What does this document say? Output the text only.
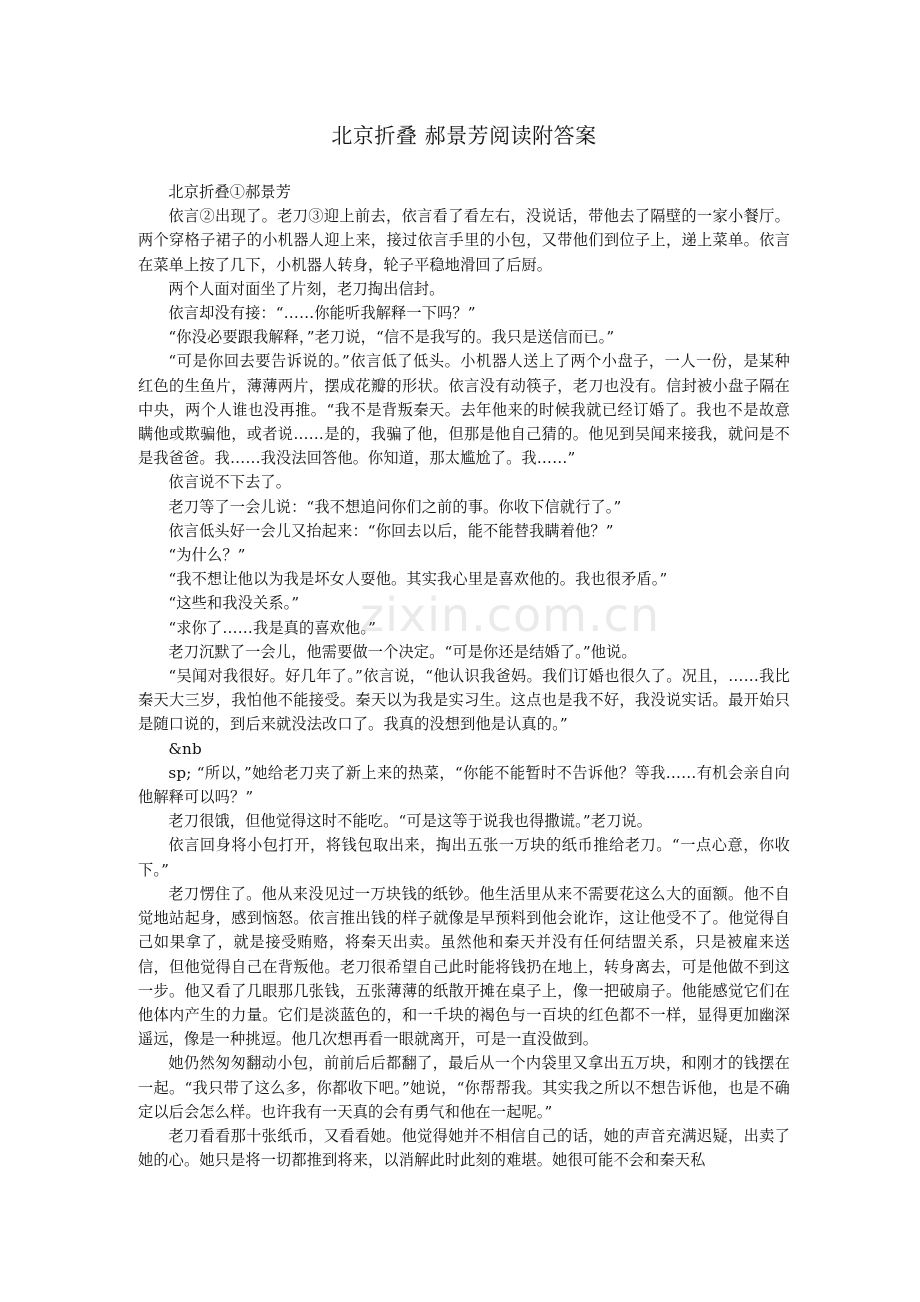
北京折叠 郝景芳阅读附答案

北京折叠①郝景芳

依言②出现了。老刀③迎上前去，依言看了看左右，没说话，带他去了隔壁的一家小餐厅。两个穿格子裙子的小机器人迎上来，接过依言手里的小包，又带他们到位子上，递上菜单。依言在菜单上按了几下，小机器人转身，轮子平稳地滑回了后厨。

两个人面对面坐了片刻，老刀掏出信封。

依言却没有接：“……你能听我解释一下吗？”

“你没必要跟我解释，”老刀说，“信不是我写的。我只是送信而已。”

“可是你回去要告诉说的。”依言低了低头。小机器人送上了两个小盘子，一人一份，是某种红色的生鱼片，薄薄两片，摆成花瓣的形状。依言没有动筷子，老刀也没有。信封被小盘子隔在中央，两个人谁也没再推。“我不是背叛秦天。去年他来的时候我就已经订婚了。我也不是故意瞒他或欺骗他，或者说……是的，我骗了他，但那是他自己猜的。他见到吴闻来接我，就问是不是我爸爸。我……我没法回答他。你知道，那太尴尬了。我……”

依言说不下去了。

老刀等了一会儿说：“我不想追问你们之前的事。你收下信就行了。”

依言低头好一会儿又抬起来：“你回去以后，能不能替我瞒着他？”

“为什么？”

“我不想让他以为我是坏女人耍他。其实我心里是喜欢他的。我也很矛盾。”

“这些和我没关系。”

“求你了……我是真的喜欢他。”

老刀沉默了一会儿，他需要做一个决定。“可是你还是结婚了。”他说。

“吴闻对我很好。好几年了。”依言说，“他认识我爸妈。我们订婚也很久了。况且，……我比秦天大三岁，我怕他不能接受。秦天以为我是实习生。这点也是我不好，我没说实话。最开始只是随口说的，到后来就没法改口了。我真的没想到他是认真的。”

&nb

sp; “所以，”她给老刀夹了新上来的热菜，“你能不能暂时不告诉他？等我……有机会亲自向他解释可以吗？”

老刀很饿，但他觉得这时不能吃。“可是这等于说我也得撒谎。”老刀说。

依言回身将小包打开，将钱包取出来，掏出五张一万块的纸币推给老刀。“一点心意，你收下。”

老刀愣住了。他从来没见过一万块钱的纸钞。他生活里从来不需要花这么大的面额。他不自觉地站起身，感到恼怒。依言推出钱的样子就像是早预料到他会讹诈，这让他受不了。他觉得自己如果拿了，就是接受贿赂，将秦天出卖。虽然他和秦天并没有任何结盟关系，只是被雇来送信，但他觉得自己在背叛他。老刀很希望自己此时能将钱扔在地上，转身离去，可是他做不到这一步。他又看了几眼那几张钱，五张薄薄的纸散开摊在桌子上，像一把破扇子。他能感觉它们在他体内产生的力量。它们是淡蓝色的，和一千块的褐色与一百块的红色都不一样，显得更加幽深遥远，像是一种挑逗。他几次想再看一眼就离开，可是一直没做到。

她仍然匆匆翻动小包，前前后后都翻了，最后从一个内袋里又拿出五万块，和刚才的钱摆在一起。“我只带了这么多，你都收下吧。”她说，“你帮帮我。其实我之所以不想告诉他，也是不确定以后会怎么样。也许我有一天真的会有勇气和他在一起呢。”

老刀看看那十张纸币，又看看她。他觉得她并不相信自己的话，她的声音充满迟疑，出卖了她的心。她只是将一切都推到将来，以消解此时此刻的难堪。她很可能不会和秦天私

zixin.com.cn
